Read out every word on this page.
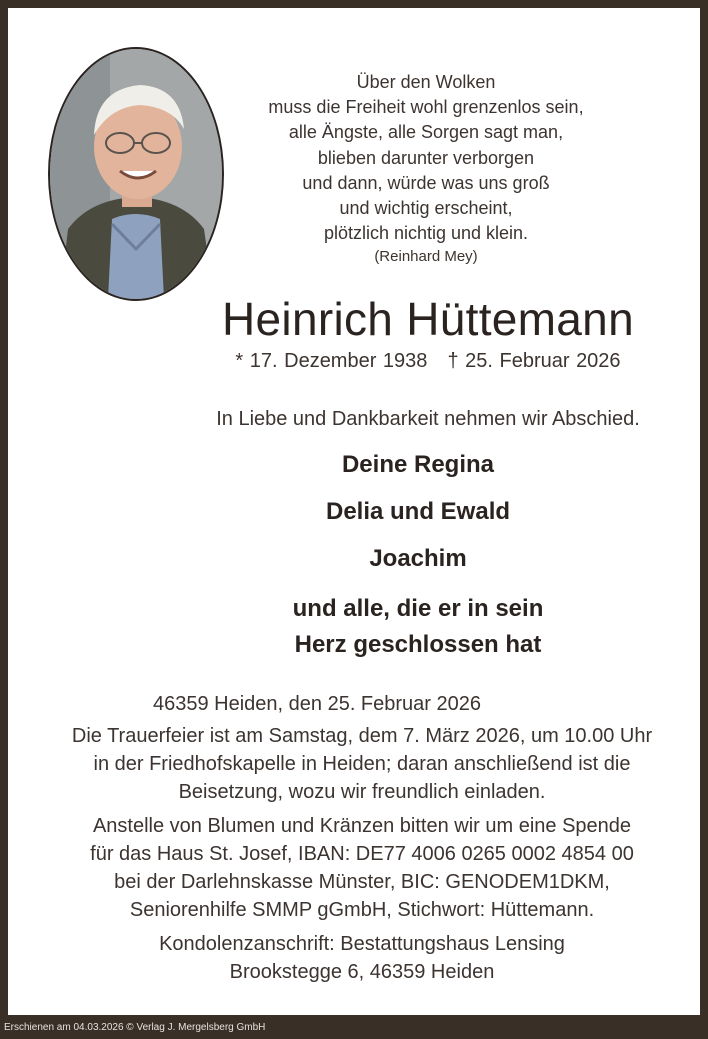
Über den Wolken
muss die Freiheit wohl grenzenlos sein,
alle Ängste, alle Sorgen sagt man,
blieben darunter verborgen
und dann, würde was uns groß
und wichtig erscheint,
plötzlich nichtig und klein.
(Reinhard Mey)
Heinrich Hüttemann
* 17. Dezember 1938 † 25. Februar 2026
In Liebe und Dankbarkeit nehmen wir Abschied.
Deine Regina
Delia und Ewald
Joachim
und alle, die er in sein
Herz geschlossen hat
46359 Heiden, den 25. Februar 2026
Die Trauerfeier ist am Samstag, dem 7. März 2026, um 10.00 Uhr
in der Friedhofskapelle in Heiden; daran anschließend ist die
Beisetzung, wozu wir freundlich einladen.
Anstelle von Blumen und Kränzen bitten wir um eine Spende
für das Haus St. Josef, IBAN: DE77 4006 0265 0002 4854 00
bei der Darlehnskasse Münster, BIC: GENODEM1DKM,
Seniorenhilfe SMMP gGmbH, Stichwort: Hüttemann.
Kondolenzanschrift: Bestattungshaus Lensing
Brookstegge 6, 46359 Heiden
Erschienen am 04.03.2026 © Verlag J. Mergelsberg GmbH
